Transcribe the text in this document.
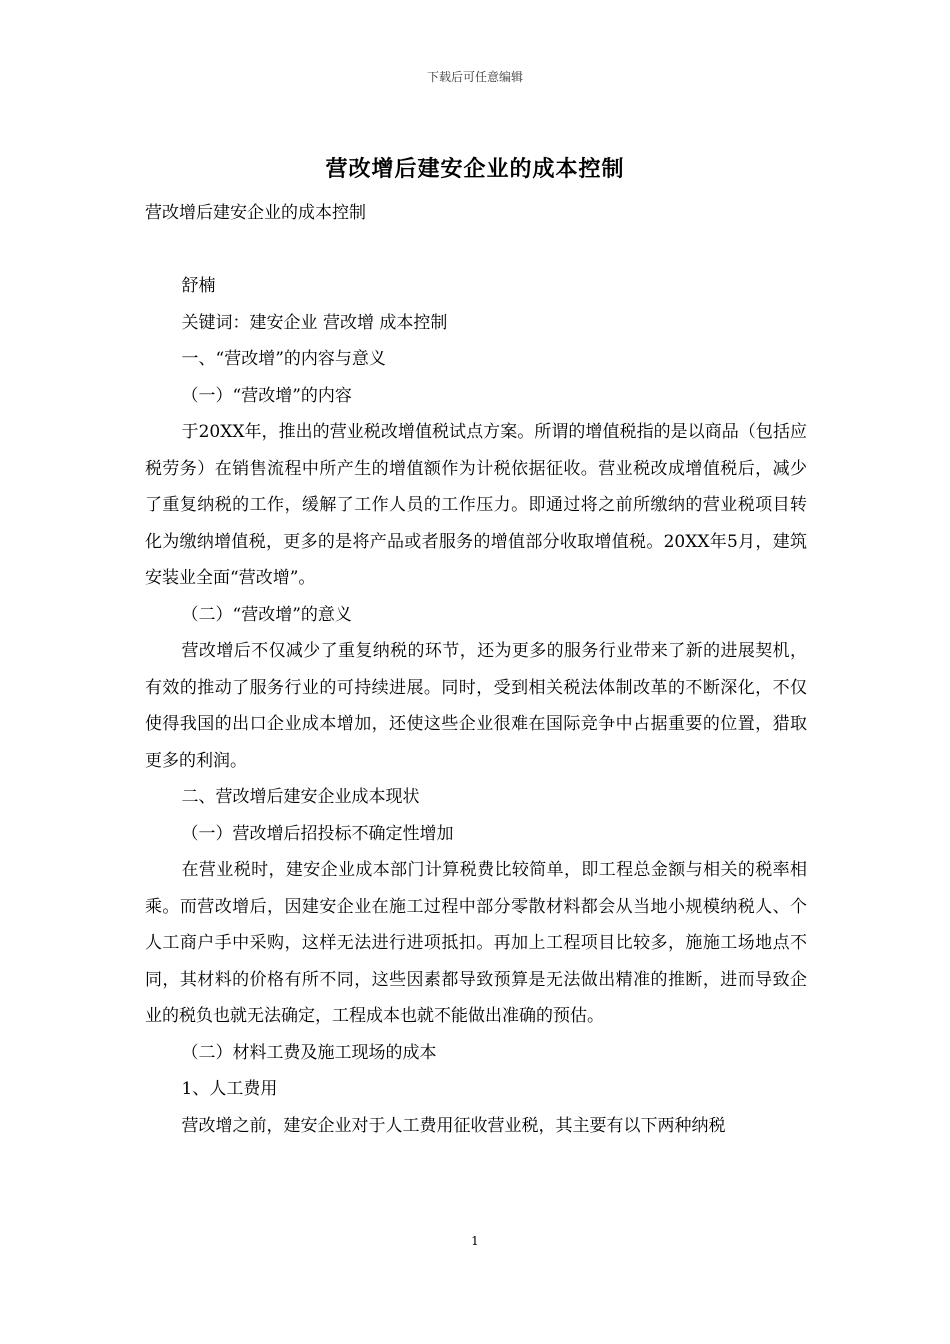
下载后可任意编辑
营改增后建安企业的成本控制

营改增后建安企业的成本控制

舒楠

关键词：建安企业 营改增 成本控制

一、“营改增”的内容与意义

（一）“营改增”的内容

于20XX年，推出的营业税改增值税试点方案。所谓的增值税指的是以商品（包括应税劳务）在销售流程中所产生的增值额作为计税依据征收。营业税改成增值税后，减少了重复纳税的工作，缓解了工作人员的工作压力。即通过将之前所缴纳的营业税项目转化为缴纳增值税，更多的是将产品或者服务的增值部分收取增值税。20XX年5月，建筑安装业全面“营改增”。

（二）“营改增”的意义

营改增后不仅减少了重复纳税的环节，还为更多的服务行业带来了新的进展契机，有效的推动了服务行业的可持续进展。同时，受到相关税法体制改革的不断深化，不仅使得我国的出口企业成本增加，还使这些企业很难在国际竞争中占据重要的位置，猎取更多的利润。

二、营改增后建安企业成本现状

（一）营改增后招投标不确定性增加

在营业税时，建安企业成本部门计算税费比较简单，即工程总金额与相关的税率相乘。而营改增后，因建安企业在施工过程中部分零散材料都会从当地小规模纳税人、个人工商户手中采购，这样无法进行进项抵扣。再加上工程项目比较多，施施工场地点不同，其材料的价格有所不同，这些因素都导致预算是无法做出精准的推断，进而导致企业的税负也就无法确定，工程成本也就不能做出准确的预估。

（二）材料工费及施工现场的成本

1、人工费用

营改增之前，建安企业对于人工费用征收营业税，其主要有以下两种纳税

1
